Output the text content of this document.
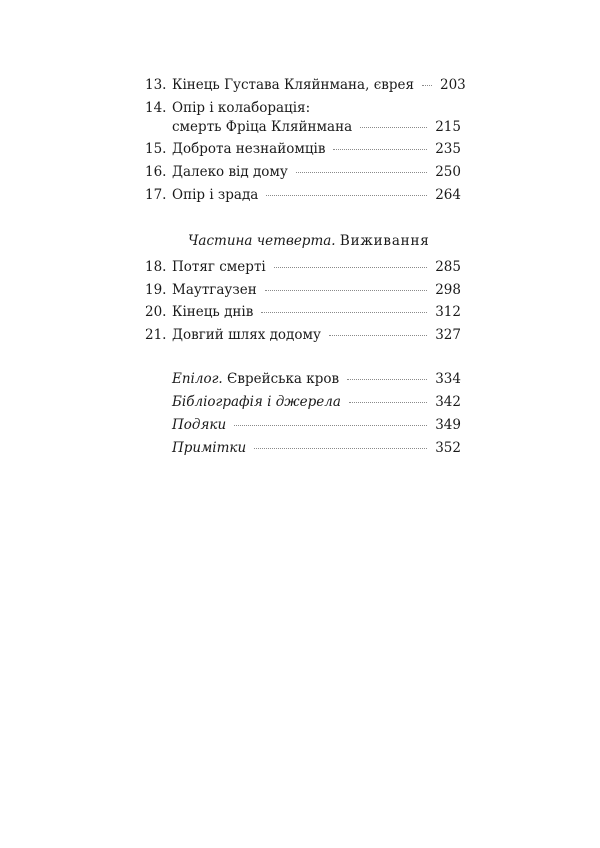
13. Кінець Густава Кляйнмана, єврея 203
14. Опір і колаборація:
смерть Фріца Кляйнмана	215
15. Доброта незнайомців	235
16. Далеко від дому	250
17. Опір і зрада	264
Частина четверта. Виживання
18. Потяг смерті	285
19. Маутгаузен	298
20. Кінець днів	312
21. Довгий шлях додому	327
Епілог. Єврейська кров	334
Бібліографія і джерела	342
Подяки	349
Примітки	352
